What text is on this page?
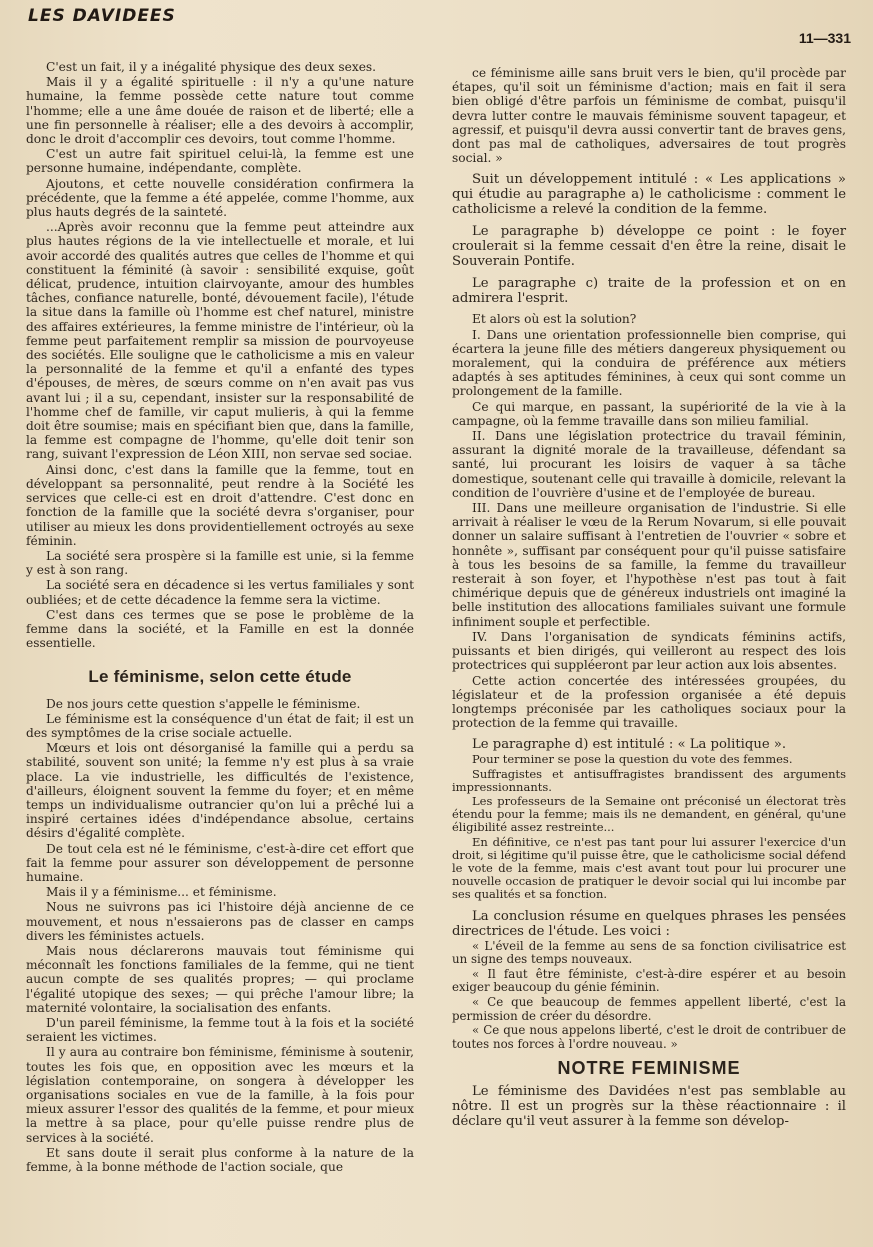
LES DAVIDEES
11—331

C'est un fait, il y a inégalité physique des deux sexes.

Mais il y a égalité spirituelle : il n'y a qu'une nature humaine, la femme possède cette nature tout comme l'homme; elle a une âme douée de raison et de liberté; elle a une fin personnelle à réaliser; elle a des devoirs à accomplir, donc le droit d'accomplir ces devoirs, tout comme l'homme.

C'est un autre fait spirituel celui-là, la femme est une personne humaine, indépendante, complète.

Ajoutons, et cette nouvelle considération confirmera la précédente, que la femme a été appelée, comme l'homme, aux plus hauts degrés de la sainteté.

...Après avoir reconnu que la femme peut atteindre aux plus hautes régions de la vie intellectuelle et morale, et lui avoir accordé des qualités autres que celles de l'homme et qui constituent la féminité (à savoir : sensibilité exquise, goût délicat, prudence, intuition clairvoyante, amour des humbles tâches, confiance naturelle, bonté, dévouement facile), l'étude la situe dans la famille où l'homme est chef naturel, ministre des affaires extérieures, la femme ministre de l'intérieur, où la femme peut parfaitement remplir sa mission de pourvoyeuse des sociétés. Elle souligne que le catholicisme a mis en valeur la personnalité de la femme et qu'il a enfanté des types d'épouses, de mères, de sœurs comme on n'en avait pas vus avant lui ; il a su, cependant, insister sur la responsabilité de l'homme chef de famille, vir caput mulieris, à qui la femme doit être soumise; mais en spécifiant bien que, dans la famille, la femme est compagne de l'homme, qu'elle doit tenir son rang, suivant l'expression de Léon XIII, non servae sed sociae.

Ainsi donc, c'est dans la famille que la femme, tout en développant sa personnalité, peut rendre à la Société les services que celle-ci est en droit d'attendre. C'est donc en fonction de la famille que la société devra s'organiser, pour utiliser au mieux les dons providentiellement octroyés au sexe féminin.

La société sera prospère si la famille est unie, si la femme y est à son rang.

La société sera en décadence si les vertus familiales y sont oubliées; et de cette décadence la femme sera la victime.

C'est dans ces termes que se pose le problème de la femme dans la société, et la Famille en est la donnée essentielle.

Le féminisme, selon cette étude

De nos jours cette question s'appelle le féminisme.

Le féminisme est la conséquence d'un état de fait; il est un des symptômes de la crise sociale actuelle.

Mœurs et lois ont désorganisé la famille qui a perdu sa stabilité, souvent son unité; la femme n'y est plus à sa vraie place. La vie industrielle, les difficultés de l'existence, d'ailleurs, éloignent souvent la femme du foyer; et en même temps un individualisme outrancier qu'on lui a prêché lui a inspiré certaines idées d'indépendance absolue, certains désirs d'égalité complète.

De tout cela est né le féminisme, c'est-à-dire cet effort que fait la femme pour assurer son développement de personne humaine.

Mais il y a féminisme... et féminisme.

Nous ne suivrons pas ici l'histoire déjà ancienne de ce mouvement, et nous n'essaierons pas de classer en camps divers les féministes actuels.

Mais nous déclarerons mauvais tout féminisme qui méconnaît les fonctions familiales de la femme, qui ne tient aucun compte de ses qualités propres; — qui proclame l'égalité utopique des sexes; — qui prêche l'amour libre; la maternité volontaire, la socialisation des enfants.

D'un pareil féminisme, la femme tout à la fois et la société seraient les victimes.

Il y aura au contraire bon féminisme, féminisme à soutenir, toutes les fois que, en opposition avec les mœurs et la législation contemporaine, on songera à développer les organisations sociales en vue de la famille, à la fois pour mieux assurer l'essor des qualités de la femme, et pour mieux la mettre à sa place, pour qu'elle puisse rendre plus de services à la société.

Et sans doute il serait plus conforme à la nature de la femme, à la bonne méthode de l'action sociale, que

ce féminisme aille sans bruit vers le bien, qu'il procède par étapes, qu'il soit un féminisme d'action; mais en fait il sera bien obligé d'être parfois un féminisme de combat, puisqu'il devra lutter contre le mauvais féminisme souvent tapageur, et agressif, et puisqu'il devra aussi convertir tant de braves gens, dont pas mal de catholiques, adversaires de tout progrès social. »

Suit un développement intitulé : « Les applications » qui étudie au paragraphe a) le catholicisme : comment le catholicisme a relevé la condition de la femme.

Le paragraphe b) développe ce point : le foyer croulerait si la femme cessait d'en être la reine, disait le Souverain Pontife.

Le paragraphe c) traite de la profession et on en admirera l'esprit.

Et alors où est la solution?

I. Dans une orientation professionnelle bien comprise, qui écartera la jeune fille des métiers dangereux physiquement ou moralement, qui la conduira de préférence aux métiers adaptés à ses aptitudes féminines, à ceux qui sont comme un prolongement de la famille.

Ce qui marque, en passant, la supériorité de la vie à la campagne, où la femme travaille dans son milieu familial.

II. Dans une législation protectrice du travail féminin, assurant la dignité morale de la travailleuse, défendant sa santé, lui procurant les loisirs de vaquer à sa tâche domestique, soutenant celle qui travaille à domicile, relevant la condition de l'ouvrière d'usine et de l'employée de bureau.

III. Dans une meilleure organisation de l'industrie. Si elle arrivait à réaliser le vœu de la Rerum Novarum, si elle pouvait donner un salaire suffisant à l'entretien de l'ouvrier « sobre et honnête », suffisant par conséquent pour qu'il puisse satisfaire à tous les besoins de sa famille, la femme du travailleur resterait à son foyer, et l'hypothèse n'est pas tout à fait chimérique depuis que de généreux industriels ont imaginé la belle institution des allocations familiales suivant une formule infiniment souple et perfectible.

IV. Dans l'organisation de syndicats féminins actifs, puissants et bien dirigés, qui veilleront au respect des lois protectrices qui suppléeront par leur action aux lois absentes.

Cette action concertée des intéressées groupées, du législateur et de la profession organisée a été depuis longtemps préconisée par les catholiques sociaux pour la protection de la femme qui travaille.

Le paragraphe d) est intitulé : « La politique ».

Pour terminer se pose la question du vote des femmes.

Suffragistes et antisuffragistes brandissent des arguments impressionnants.

Les professeurs de la Semaine ont préconisé un électorat très étendu pour la femme; mais ils ne demandent, en général, qu'une éligibilité assez restreinte...

En définitive, ce n'est pas tant pour lui assurer l'exercice d'un droit, si légitime qu'il puisse être, que le catholicisme social défend le vote de la femme, mais c'est avant tout pour lui procurer une nouvelle occasion de pratiquer le devoir social qui lui incombe par ses qualités et sa fonction.

La conclusion résume en quelques phrases les pensées directrices de l'étude. Les voici :

« L'éveil de la femme au sens de sa fonction civilisatrice est un signe des temps nouveaux.

« Il faut être féministe, c'est-à-dire espérer et au besoin exiger beaucoup du génie féminin.

« Ce que beaucoup de femmes appellent liberté, c'est la permission de créer du désordre.

« Ce que nous appelons liberté, c'est le droit de contribuer de toutes nos forces à l'ordre nouveau. »

NOTRE FEMINISME

Le féminisme des Davidées n'est pas semblable au nôtre. Il est un progrès sur la thèse réactionnaire : il déclare qu'il veut assurer à la femme son dévelop-
